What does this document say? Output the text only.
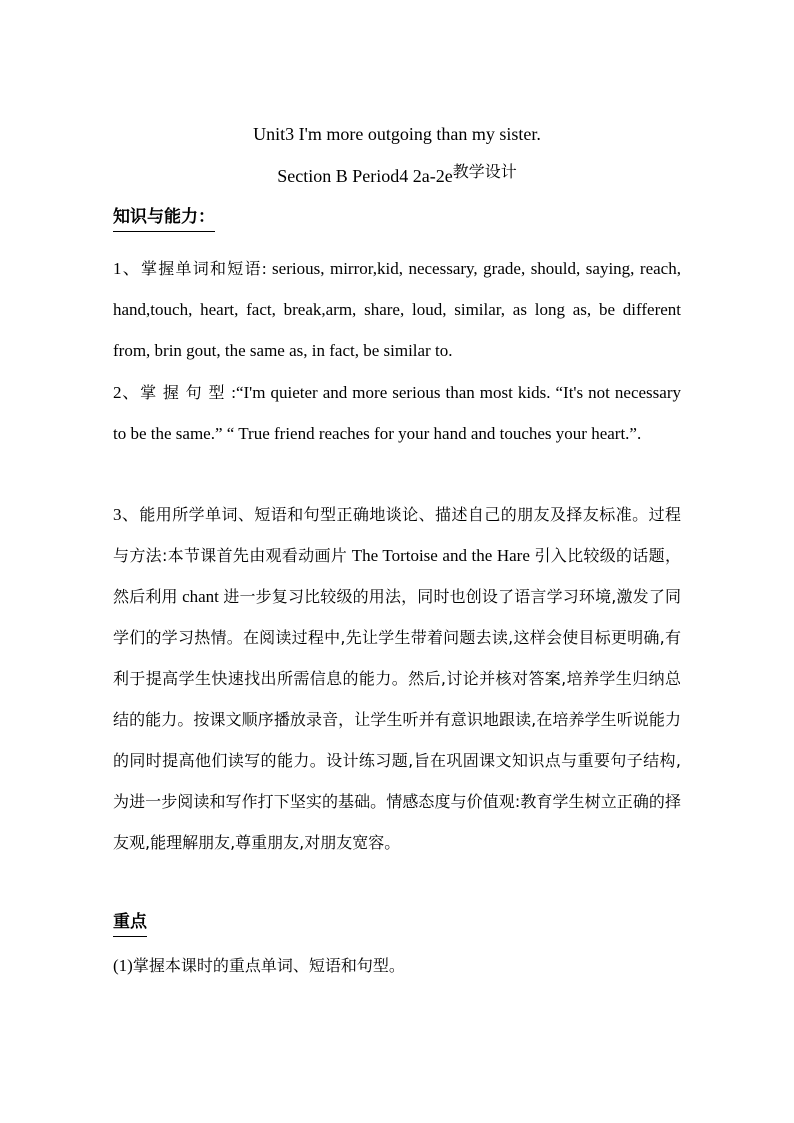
Unit3 I'm more outgoing than my sister.
Section B Period4 2a-2e教学设计
知识与能力：
1、掌握单词和短语: serious, mirror,kid, necessary, grade, should, saying, reach, hand,touch, heart, fact, break,arm, share, loud, similar, as long as, be different from, brin gout, the same as, in fact, be similar to.
2、掌握句型:“I'm quieter and more serious than most kids. “It's not necessary to be the same.” “ True friend reaches for your hand and touches your heart.”.
3、能用所学单词、短语和句型正确地谈论、描述自己的朋友及择友标准。过程与方法:本节课首先由观看动画片 The Tortoise and the Hare 引入比较级的话题，然后利用 chant 进一步复习比较级的用法，同时也创设了语言学习环境,激发了同学们的学习热情。在阅读过程中,先让学生带着问题去读,这样会使目标更明确,有利于提高学生快速找出所需信息的能力。然后,讨论并核对答案,培养学生归纳总结的能力。按课文顺序播放录音，让学生听并有意识地跟读,在培养学生听说能力的同时提高他们读写的能力。设计练习题,旨在巩固课文知识点与重要句子结构,为进一步阅读和写作打下坚实的基础。情感态度与价值观:教育学生树立正确的择友观,能理解朋友,尊重朋友,对朋友宽容。
重点
(1)掌握本课时的重点单词、短语和句型。
